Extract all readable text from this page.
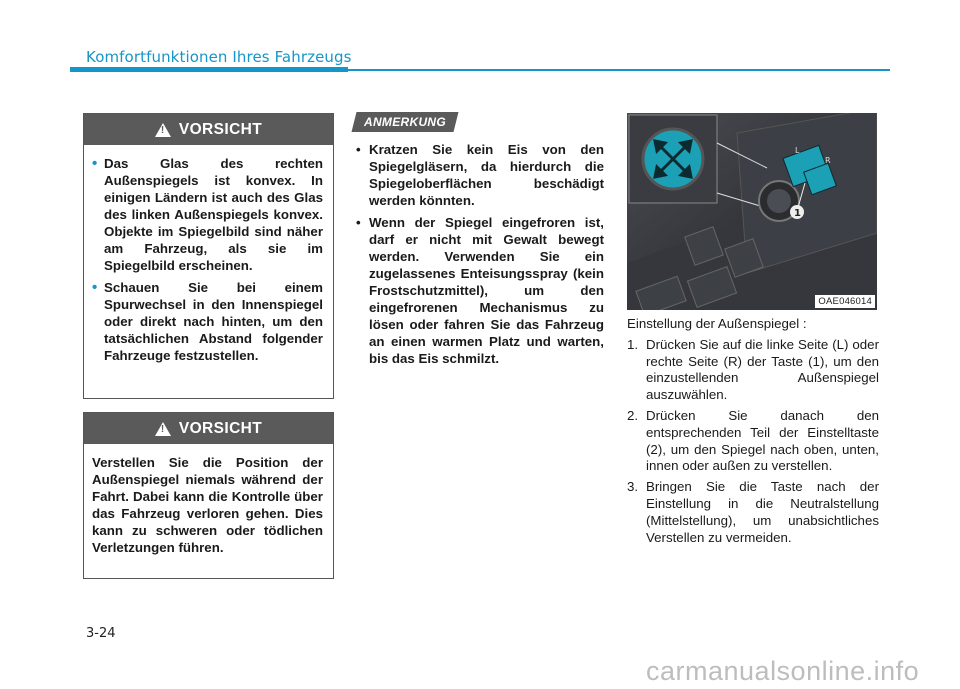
Komfortfunktionen Ihres Fahrzeugs
!
VORSICHT
• Das Glas des rechten Außenspiegels ist konvex. In einigen Ländern ist auch des Glas des linken Außenspiegels konvex. Objekte im Spiegelbild sind näher am Fahrzeug, als sie im Spiegelbild erscheinen.
• Schauen Sie bei einem Spurwechsel in den Innenspiegel oder direkt nach hinten, um den tatsächlichen Abstand folgender Fahrzeuge festzustellen.
!
VORSICHT

Verstellen Sie die Position der Außenspiegel niemals während der Fahrt. Dabei kann die Kontrolle über das Fahrzeug verloren gehen. Dies kann zu schweren oder tödlichen Verletzungen führen.

ANMERKUNG
• Kratzen Sie kein Eis von den Spiegelgläsern, da hierdurch die Spiegeloberflächen beschädigt werden könnten.
• Wenn der Spiegel eingefroren ist, darf er nicht mit Gewalt bewegt werden. Verwenden Sie ein zugelassenes Enteisungsspray (kein Frostschutzmittel), um den eingefrorenen Mechanismus zu lösen oder fahren Sie das Fahrzeug an einen warmen Platz und warten, bis das Eis schmilzt.
R
L
1
OAE046014

Einstellung der Außenspiegel :

1. Drücken Sie auf die linke Seite (L) oder rechte Seite (R) der Taste (1), um den einzustellenden Außenspiegel auszuwählen.
2. Drücken Sie danach den entsprechenden Teil der Einstelltaste (2), um den Spiegel nach oben, unten, innen oder außen zu verstellen.
3. Bringen Sie die Taste nach der Einstellung in die Neutralstellung (Mittelstellung), um unabsichtliches Verstellen zu vermeiden.
3-24
carmanualsonline.info
